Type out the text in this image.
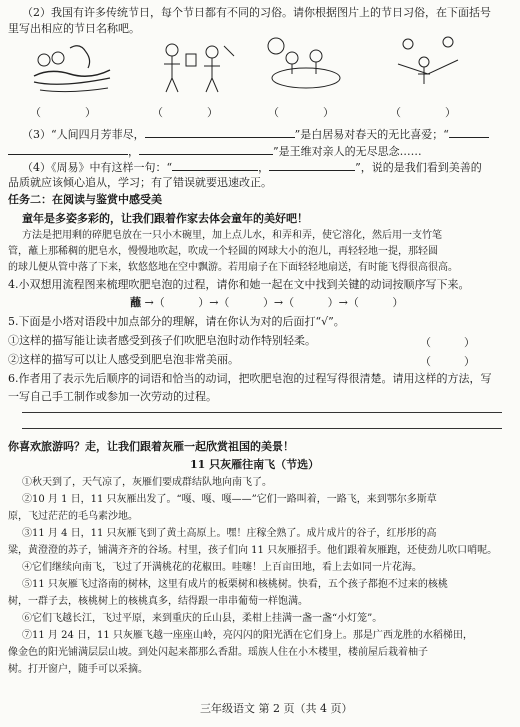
（2）我国有许多传统节日，每个节日都有不同的习俗。请你根据图片上的节日习俗，在下面括号
里写出相应的节日名称吧。
（　　　　）	（　　　　）	（　　　　）	（　　　　）
（3）“人间四月芳菲尽，	”是白居易对春天的无比喜爱；“
，	”是王维对亲人的无尽思念……
（4）《周易》中有这样一句：“	，	”，说的是我们看到美善的
品质就应该倾心追从，学习；有了错误就要迅速改正。
任务二：在阅读与鉴赏中感受美
童年是多姿多彩的，让我们跟着作家去体会童年的美好吧！
方法是把用剩的碎肥皂放在一只小木碗里，加上点儿水，和弄和弄，使它溶化，然后用一支竹笔
管，蘸上那稀稠的肥皂水，慢慢地吹起，吹成一个轻圆的网球大小的泡儿，再轻轻地一提，那轻圆
的球儿便从管中落了下来，软悠悠地在空中飘游。若用扇子在下面轻轻地扇送，有时能飞得很高很高。
4.小双想用流程图来梳理吹肥皂泡的过程，请你和她一起在文中找到关键的动词按顺序写下来。
蘸 →（	）→（	）→（	）→（	）
5.下面是小塔对语段中加点部分的理解，请在你认为对的后面打“√”。
①这样的描写能让读者感受到孩子们吹肥皂泡时动作特别轻柔。	（　　　）
②这样的描写可以让人感受到肥皂泡非常美丽。	（　　　）
6.作者用了表示先后顺序的词语和恰当的动词，把吹肥皂泡的过程写得很清楚。请用这样的方法，写
一写自己手工制作或参加一次劳动的过程。
你喜欢旅游吗？走，让我们跟着灰雁一起欣赏祖国的美景！
11 只灰雁往南飞（节选）
①秋天到了，天气凉了，灰雁们要成群结队地向南飞了。
②10 月 1 日，11 只灰雁出发了。“嘎、嘎、嘎——”它们一路叫着，一路飞，来到鄂尔多斯草
原，飞过茫茫的毛乌素沙地。
③11 月 4 日，11 只灰雁飞到了黄土高原上。嘿！庄稼全熟了。成片成片的谷子，红彤彤的高
粱，黄澄澄的苏子，铺满齐齐的谷场。村里，孩子们向 11 只灰雁招手。他们跟着灰雁跑，还使劲儿吹口哨呢。
④它们继续向南飞，飞过了开满桃花的花椒田。哇噻！上百亩田地，看上去如同一片花海。
⑤11 只灰雁飞过洛南的树林，这里有成片的板栗树和核桃树。快看，五个孩子都抱不过来的核桃
树，一群子去，核桃树上的核桃真多，结得跟一串串葡萄一样饱满。
⑥它们飞越长江，飞过平原，来到重庆的丘山县，柔柑上挂满一盏一盏“小灯笼”。
⑦11 月 24 日，11 只灰雁飞越一座座山岭，亮闪闪的阳光洒在它们身上。那是广西龙胜的水稻梯田，
像金色的阳光铺满层层山坡。到处闪起来都那么香甜。瑶族人住在小木楼里，楼前屋后栽着柚子
树。打开窗户，随手可以采摘。
三年级语文 第 2 页（共 4 页）
